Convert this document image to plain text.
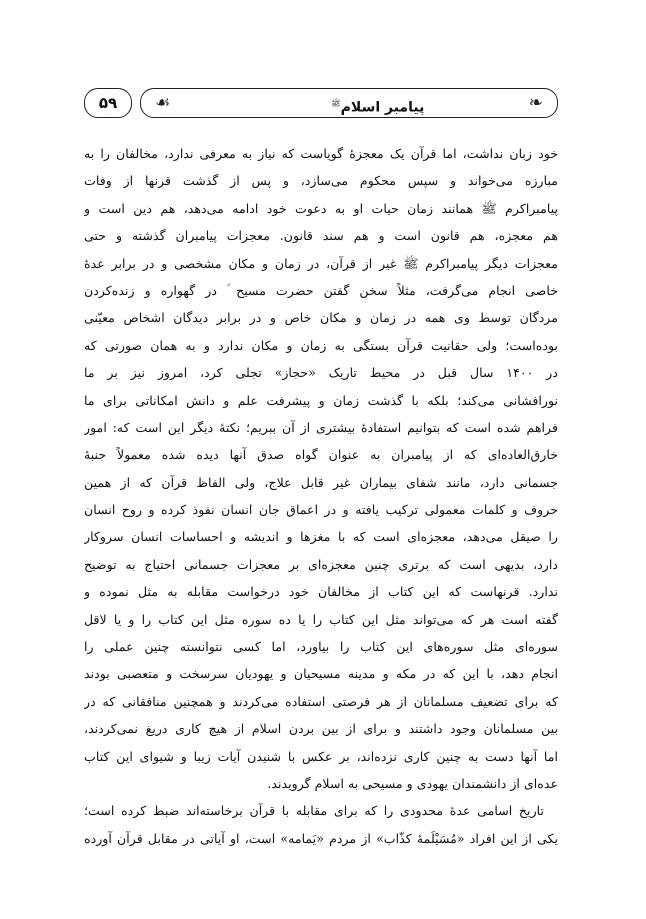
۵۹	☙	پیامبر اسلام$^ﷺ$	❧
خود زبان نداشت، اما قرآن یک معجزهٔ گویاست که نیاز به معرفی ندارد، مخالفان را به
مبارزه می‌خواند و سپس محکوم می‌سازد، و پس از گذشت قرنها از وفات
پیامبراکرم ﷺ همانند زمان حیات او به دعوت خود ادامه می‌دهد، هم دین است و
هم معجزه، هم قانون است و هم سند قانون. معجزات پیامبران گذشته و حتی
معجزات دیگر پیامبراکرم ﷺ غیر از قرآن، در زمان و مکان مشخصی و در برابر عدهٔ
خاصی انجام می‌گرفت، مثلاً سخن گفتن حضرت مسیح ؑ در گهواره و زنده‌کردن
مردگان توسط وی همه در زمان و مکان خاص و در برابر دیدگان اشخاص معیّنی
بوده‌است؛ ولی حقانیت قرآن بستگی به زمان و مکان ندارد و به همان صورتی که
در ۱۴۰۰ سال قبل در محیط تاریک «حجاز» تجلی کرد، امروز نیز بر ما
نورافشانی می‌کند؛ بلکه با گذشت زمان و پیشرفت علم و دانش امکاناتی برای ما
فراهم شده است که بتوانیم استفادهٔ بیشتری از آن ببریم؛ نکتهٔ دیگر این است که: امور
خارق‌العاده‌ای که از پیامبران به عنوان گواه صدق آنها دیده شده معمولاً جنبهٔ
جسمانی دارد، مانند شفای بیماران غیر قابل علاج، ولی الفاظ قرآن که از همین
حروف و کلمات معمولی ترکیب یافته و در اعماق جان انسان نفوذ کرده و روح انسان
را صیقل می‌دهد، معجزه‌ای است که با مغزها و اندیشه و احساسات انسان سروکار
دارد، بدیهی است که برتری چنین معجزه‌ای بر معجزات جسمانی احتیاج به توضیح
ندارد. قرنهاست که این کتاب از مخالفان خود درخواست مقابله به مثل نموده و
گفته است هر که می‌تواند مثل این کتاب را یا ده سوره مثل این کتاب را و یا لاقل
سوره‌ای مثل سوره‌های این کتاب را بیاورد، اما کسی نتوانسته چنین عملی را
انجام دهد، با این که در مکه و مدینه مسیحیان و یهودیان سرسخت و متعصبی بودند
که برای تضعیف مسلمانان از هر فرصتی استفاده می‌کردند و همچنین منافقانی که در
بین مسلمانان وجود داشتند و برای از بین بردن اسلام از هیچ کاری دریغ نمی‌کردند،
اما آنها دست به چنین کاری نزده‌اند، بر عکس با شنیدن آیات زیبا و شیوای این کتاب
عده‌ای از دانشمندان یهودی و مسیحی به اسلام گرویدند.
تاریخ اسامی عدهٔ محدودی را که برای مقابله با قرآن برخاسته‌اند ضبط کرده است؛
یکی از این افراد «مُسَیْلَمهٔ کذّاب» از مردم «یَمامه» است، او آیاتی در مقابل قرآن آورده
